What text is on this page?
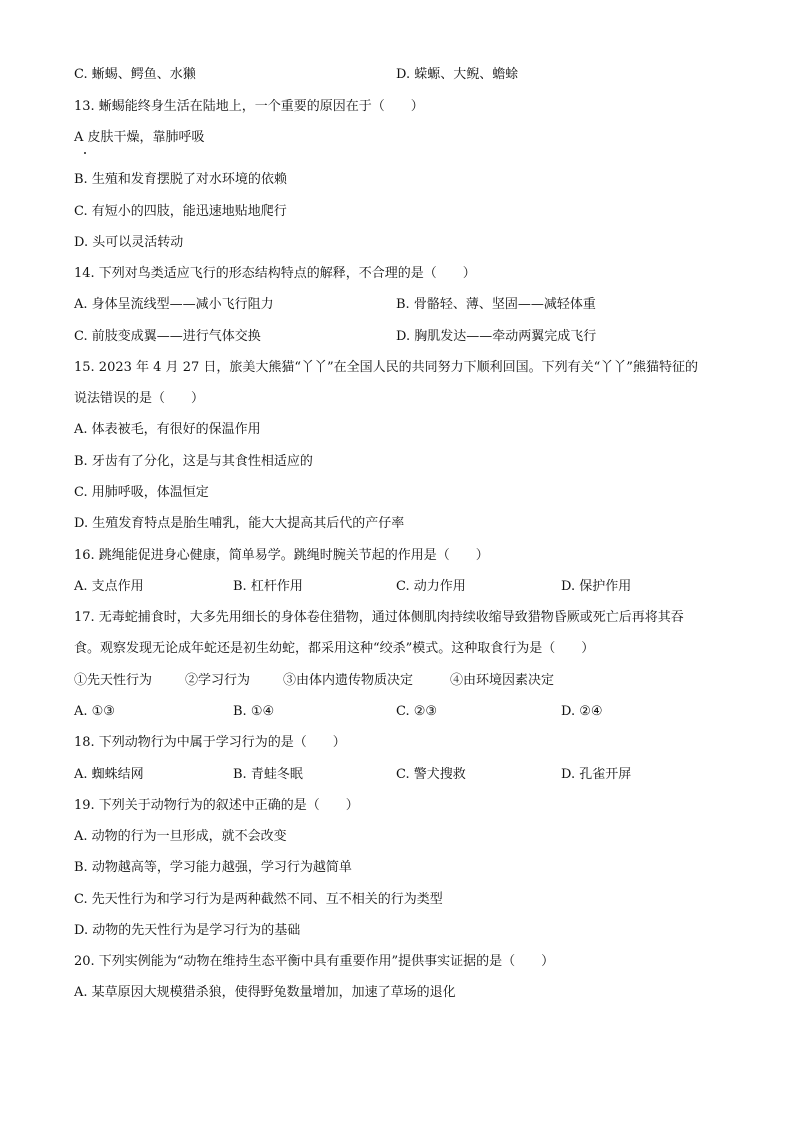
C. 蜥蜴、鳄鱼、水獭	D. 蝾螈、大鲵、蟾蜍
13. 蜥蜴能终身生活在陆地上，一个重要的原因在于（　　）
A 皮肤干燥，靠肺呼吸
B. 生殖和发育摆脱了对水环境的依赖
C. 有短小的四肢，能迅速地贴地爬行
D. 头可以灵活转动
14. 下列对鸟类适应飞行的形态结构特点的解释，不合理的是（　　）
A. 身体呈流线型——减小飞行阻力	B. 骨骼轻、薄、坚固——减轻体重
C. 前肢变成翼——进行气体交换	D. 胸肌发达——牵动两翼完成飞行
15. 2023 年 4 月 27 日，旅美大熊猫“丫丫”在全国人民的共同努力下顺利回国。下列有关“丫丫”熊猫特征的
说法错误的是（　　）
A. 体表被毛，有很好的保温作用
B. 牙齿有了分化，这是与其食性相适应的
C. 用肺呼吸，体温恒定
D. 生殖发育特点是胎生哺乳，能大大提高其后代的产仔率
16. 跳绳能促进身心健康，简单易学。跳绳时腕关节起的作用是（　　）
A. 支点作用	B. 杠杆作用	C. 动力作用	D. 保护作用
17. 无毒蛇捕食时，大多先用细长的身体卷住猎物，通过体侧肌肉持续收缩导致猎物昏厥或死亡后再将其吞
食。观察发现无论成年蛇还是初生幼蛇，都采用这种“绞杀”模式。这种取食行为是（　　）
①先天性行为	②学习行为	③由体内遗传物质决定	④由环境因素决定
A. ①③	B. ①④	C. ②③	D. ②④
18. 下列动物行为中属于学习行为的是（　　）
A. 蜘蛛结网	B. 青蛙冬眠	C. 警犬搜救	D. 孔雀开屏
19. 下列关于动物行为的叙述中正确的是（　　）
A. 动物的行为一旦形成，就不会改变
B. 动物越高等，学习能力越强，学习行为越简单
C. 先天性行为和学习行为是两种截然不同、互不相关的行为类型
D. 动物的先天性行为是学习行为的基础
20. 下列实例能为“动物在维持生态平衡中具有重要作用”提供事实证据的是（　　）
A. 某草原因大规模猎杀狼，使得野兔数量增加，加速了草场的退化
